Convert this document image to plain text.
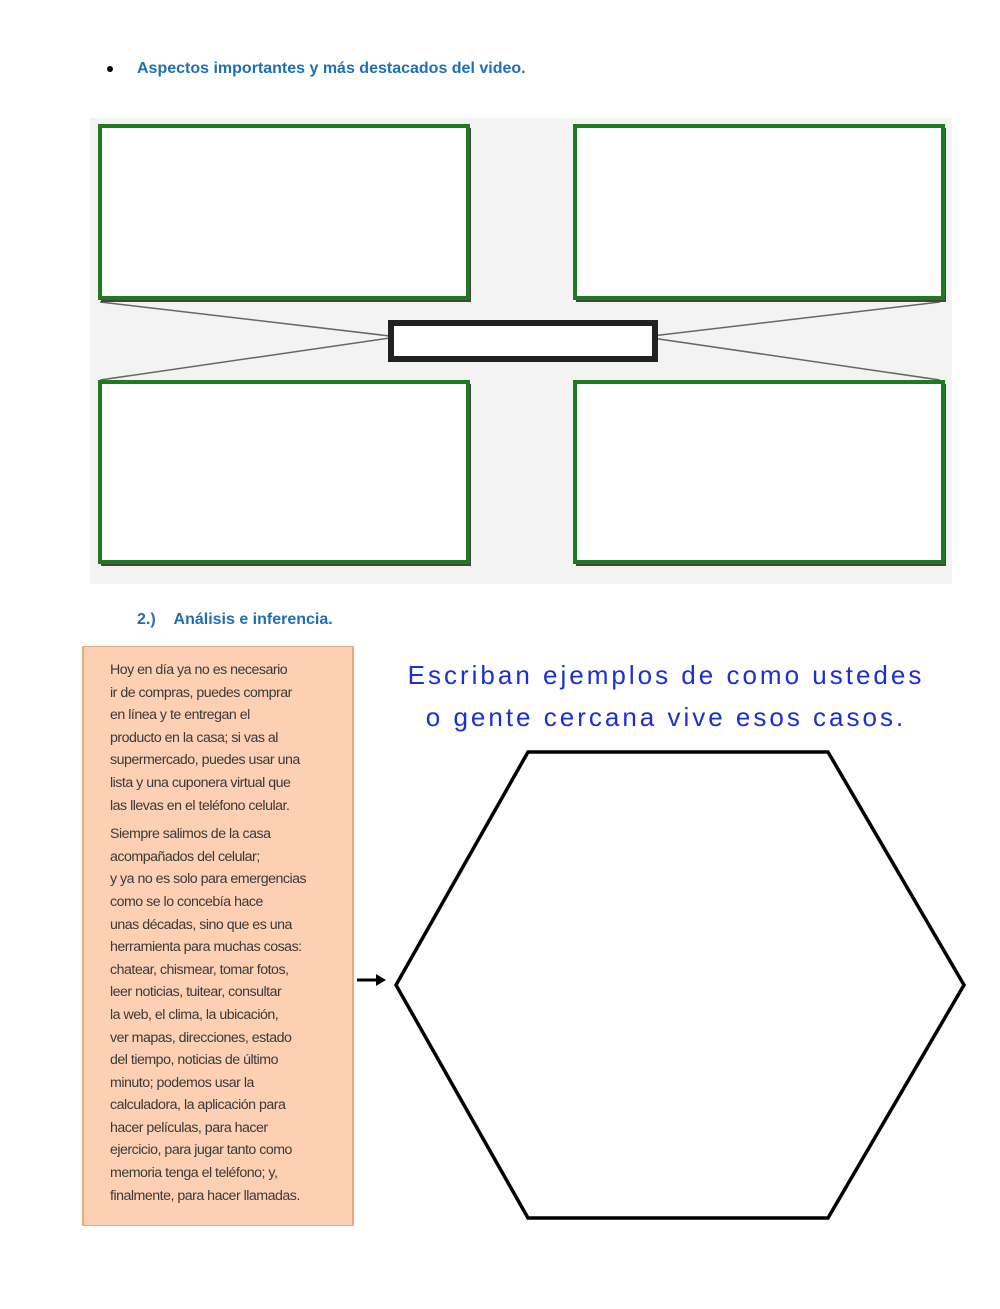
Aspectos importantes y más destacados del video.
2.) Análisis e inferencia.

Hoy en día ya no es necesario
ir de compras, puedes comprar
en línea y te entregan el
producto en la casa; si vas al
supermercado, puedes usar una
lista y una cuponera virtual que
las llevas en el teléfono celular.

Siempre salimos de la casa
acompañados del celular;
y ya no es solo para emergencias
como se lo concebía hace
unas décadas, sino que es una
herramienta para muchas cosas:
chatear, chismear, tomar fotos,
leer noticias, tuitear, consultar
la web, el clima, la ubicación,
ver mapas, direcciones, estado
del tiempo, noticias de último
minuto; podemos usar la
calculadora, la aplicación para
hacer películas, para hacer
ejercicio, para jugar tanto como
memoria tenga el teléfono; y,
finalmente, para hacer llamadas.

Escriban ejemplos de como ustedes
o gente cercana vive esos casos.
